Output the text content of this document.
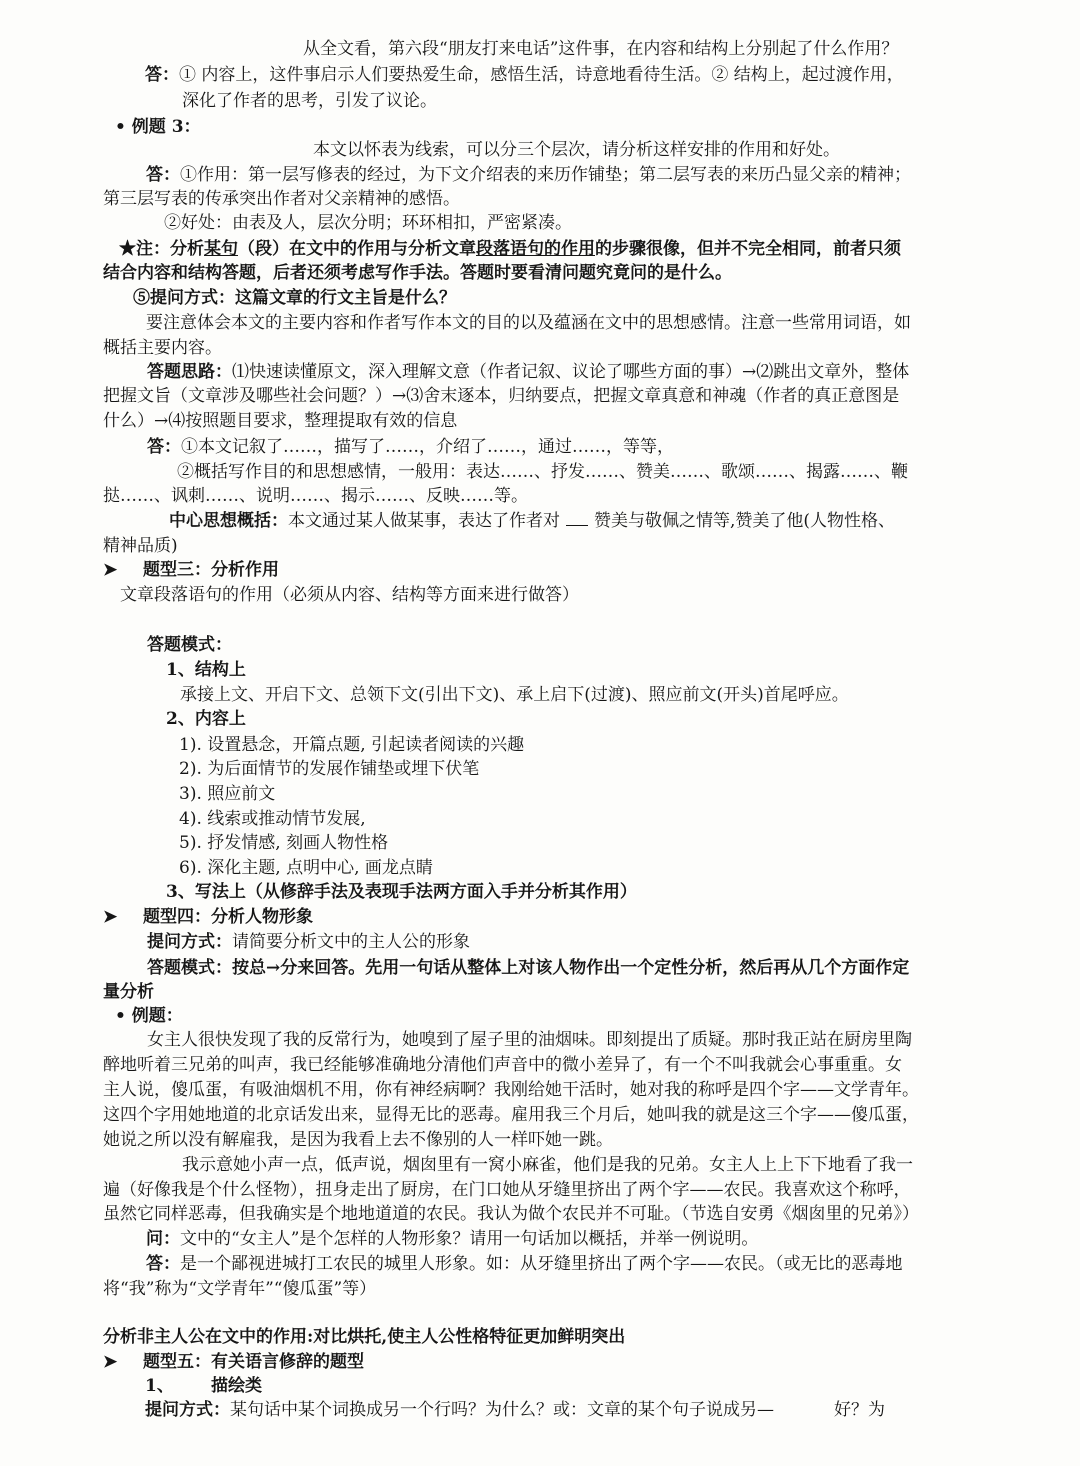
从全文看，第六段“朋友打来电话”这件事，在内容和结构上分别起了什么作用？
答：① 内容上，这件事启示人们要热爱生命，感悟生活，诗意地看待生活。② 结构上，起过渡作用，
深化了作者的思考，引发了议论。
• 例题 3：
本文以怀表为线索，可以分三个层次，请分析这样安排的作用和好处。
答：①作用：第一层写修表的经过，为下文介绍表的来历作铺垫；第二层写表的来历凸显父亲的精神；
第三层写表的传承突出作者对父亲精神的感悟。
②好处：由表及人，层次分明；环环相扣，严密紧凑。
★注：分析某句（段）在文中的作用与分析文章段落语句的作用的步骤很像，但并不完全相同，前者只须
结合内容和结构答题，后者还须考虑写作手法。答题时要看清问题究竟问的是什么。
⑤提问方式：这篇文章的行文主旨是什么？
要注意体会本文的主要内容和作者写作本文的目的以及蕴涵在文中的思想感情。注意一些常用词语，如
概括主要内容。
答题思路：⑴快速读懂原文，深入理解文意（作者记叙、议论了哪些方面的事）→⑵跳出文章外，整体
把握文旨（文章涉及哪些社会问题？）→⑶舍末逐本，归纳要点，把握文章真意和神魂（作者的真正意图是
什么）→⑷按照题目要求，整理提取有效的信息
答：①本文记叙了……，描写了……，介绍了……，通过……，等等，
②概括写作目的和思想感情，一般用：表达……、抒发……、赞美……、歌颂……、揭露……、鞭
挞……、讽刺……、说明……、揭示……、反映……等。
中心思想概括：本文通过某人做某事，表达了作者对 赞美与敬佩之情等,赞美了他(人物性格、
精神品质)
➤ 题型三：分析作用
文章段落语句的作用（必须从内容、结构等方面来进行做答）
答题模式：
1、结构上
承接上文、开启下文、总领下文(引出下文)、承上启下(过渡)、照应前文(开头)首尾呼应。
2、内容上
1). 设置悬念，开篇点题, 引起读者阅读的兴趣
2). 为后面情节的发展作铺垫或埋下伏笔
3). 照应前文
4). 线索或推动情节发展,
5). 抒发情感, 刻画人物性格
6). 深化主题, 点明中心, 画龙点睛
3、写法上（从修辞手法及表现手法两方面入手并分析其作用）
➤ 题型四：分析人物形象
提问方式：请简要分析文中的主人公的形象
答题模式：按总→分来回答。先用一句话从整体上对该人物作出一个定性分析，然后再从几个方面作定
量分析
• 例题：
女主人很快发现了我的反常行为，她嗅到了屋子里的油烟味。即刻提出了质疑。那时我正站在厨房里陶
醉地听着三兄弟的叫声，我已经能够准确地分清他们声音中的微小差异了，有一个不叫我就会心事重重。女
主人说，傻瓜蛋，有吸油烟机不用，你有神经病啊？我刚给她干活时，她对我的称呼是四个字——文学青年。
这四个字用她地道的北京话发出来，显得无比的恶毒。雇用我三个月后，她叫我的就是这三个字——傻瓜蛋，
她说之所以没有解雇我，是因为我看上去不像别的人一样吓她一跳。
我示意她小声一点，低声说，烟囱里有一窝小麻雀，他们是我的兄弟。女主人上上下下地看了我一
遍（好像我是个什么怪物），扭身走出了厨房，在门口她从牙缝里挤出了两个字——农民。我喜欢这个称呼，
虽然它同样恶毒，但我确实是个地地道道的农民。我认为做个农民并不可耻。（节选自安勇《烟囱里的兄弟》）
问：文中的“女主人”是个怎样的人物形象？请用一句话加以概括，并举一例说明。
答：是一个鄙视进城打工农民的城里人形象。如：从牙缝里挤出了两个字——农民。（或无比的恶毒地
将“我”称为“文学青年”“傻瓜蛋”等）
分析非主人公在文中的作用:对比烘托,使主人公性格特征更加鲜明突出
➤ 题型五：有关语言修辞的题型
1、 描绘类
提问方式：某句话中某个词换成另一个行吗？为什么？或：文章的某个句子说成另—	好？为
